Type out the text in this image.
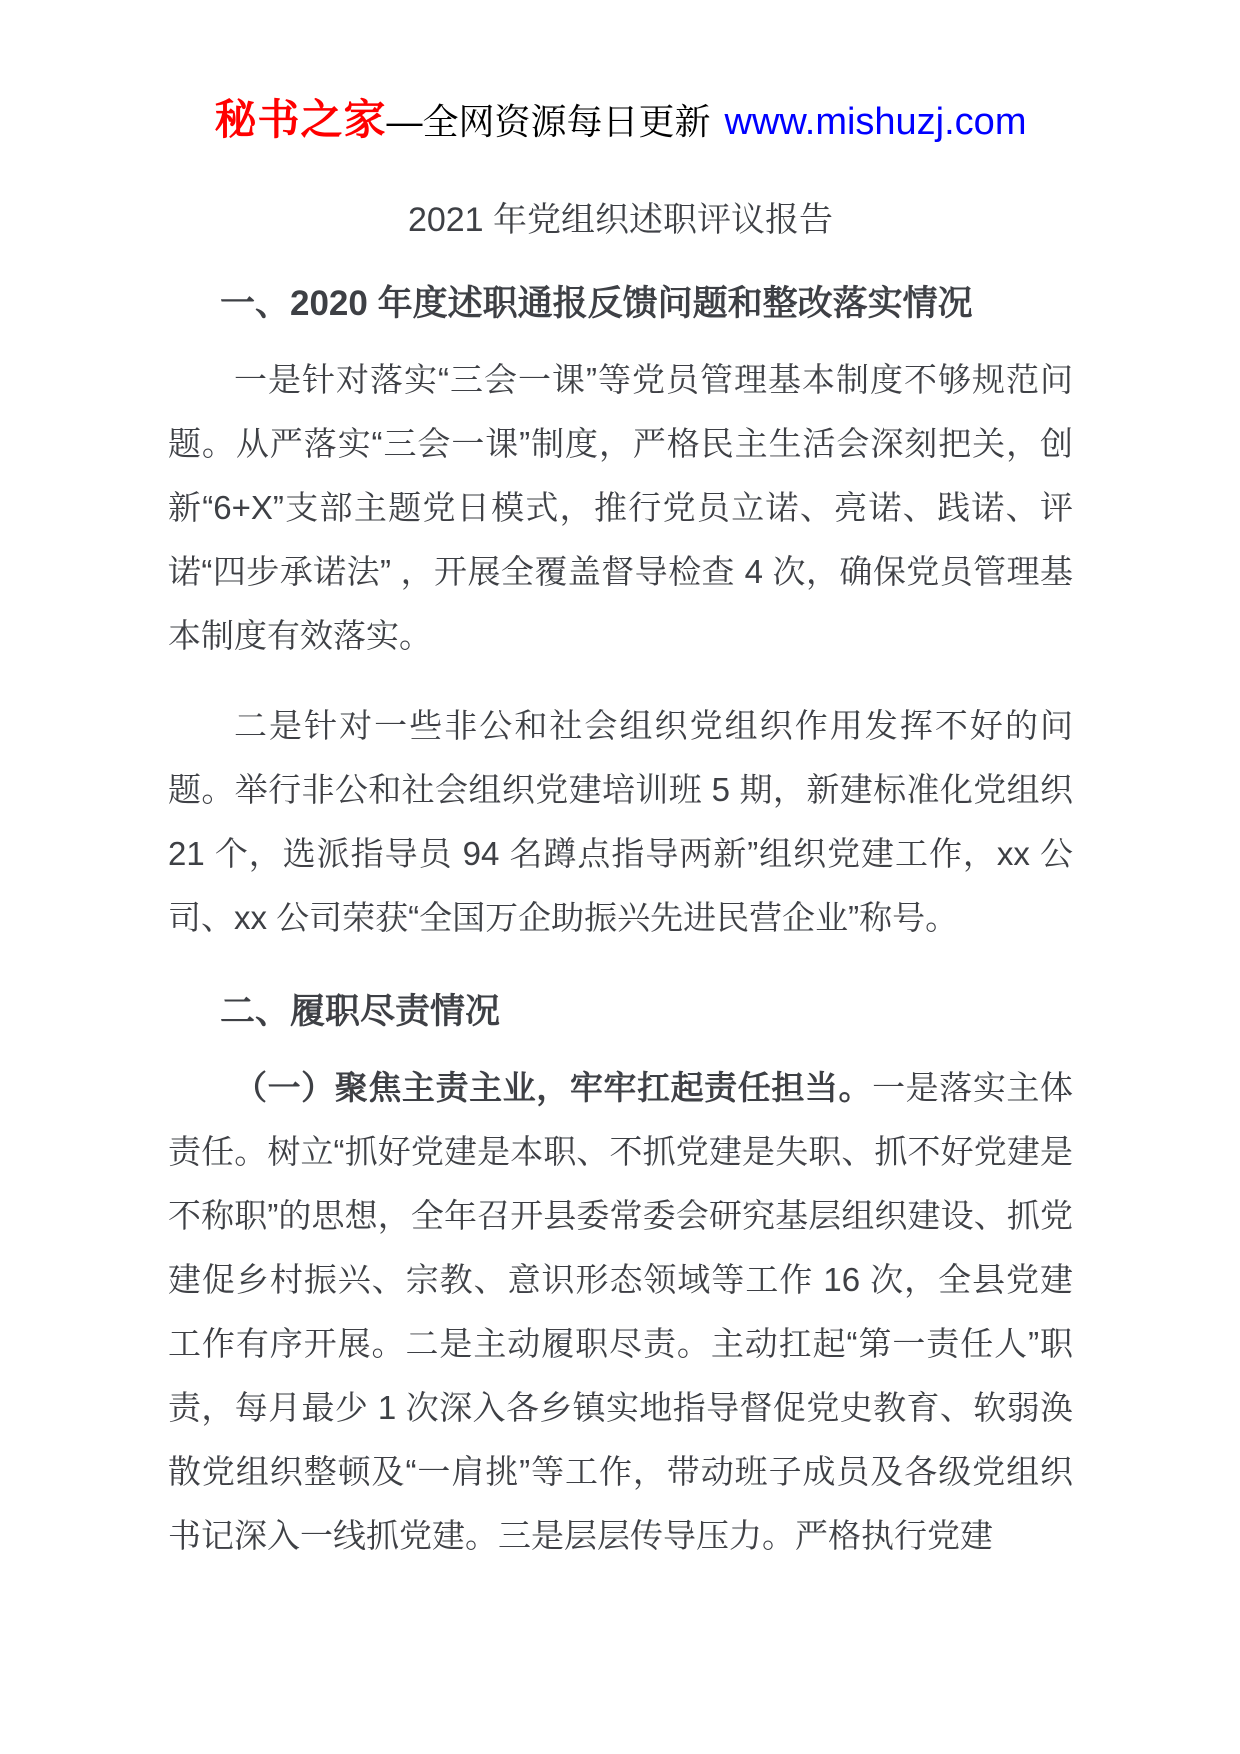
秘书之家—全网资源每日更新 www.mishuzj.com
2021 年党组织述职评议报告
一、2020 年度述职通报反馈问题和整改落实情况

一是针对落实“三会一课”等党员管理基本制度不够规范问题。从严落实“三会一课”制度，严格民主生活会深刻把关，创新“6+X”支部主题党日模式，推行党员立诺、亮诺、践诺、评诺“四步承诺法” ，开展全覆盖督导检查 4 次，确保党员管理基本制度有效落实。

二是针对一些非公和社会组织党组织作用发挥不好的问题。举行非公和社会组织党建培训班 5 期，新建标准化党组织 21 个，选派指导员 94 名蹲点指导两新”组织党建工作，xx 公司、xx 公司荣获“全国万企助振兴先进民营企业”称号。

二、履职尽责情况

（一）聚焦主责主业，牢牢扛起责任担当。一是落实主体责任。树立“抓好党建是本职、不抓党建是失职、抓不好党建是不称职”的思想，全年召开县委常委会研究基层组织建设、抓党建促乡村振兴、宗教、意识形态领域等工作 16 次，全县党建工作有序开展。二是主动履职尽责。主动扛起“第一责任人”职责，每月最少 1 次深入各乡镇实地指导督促党史教育、软弱涣散党组织整顿及“一肩挑”等工作，带动班子成员及各级党组织书记深入一线抓党建。三是层层传导压力。严格执行党建
